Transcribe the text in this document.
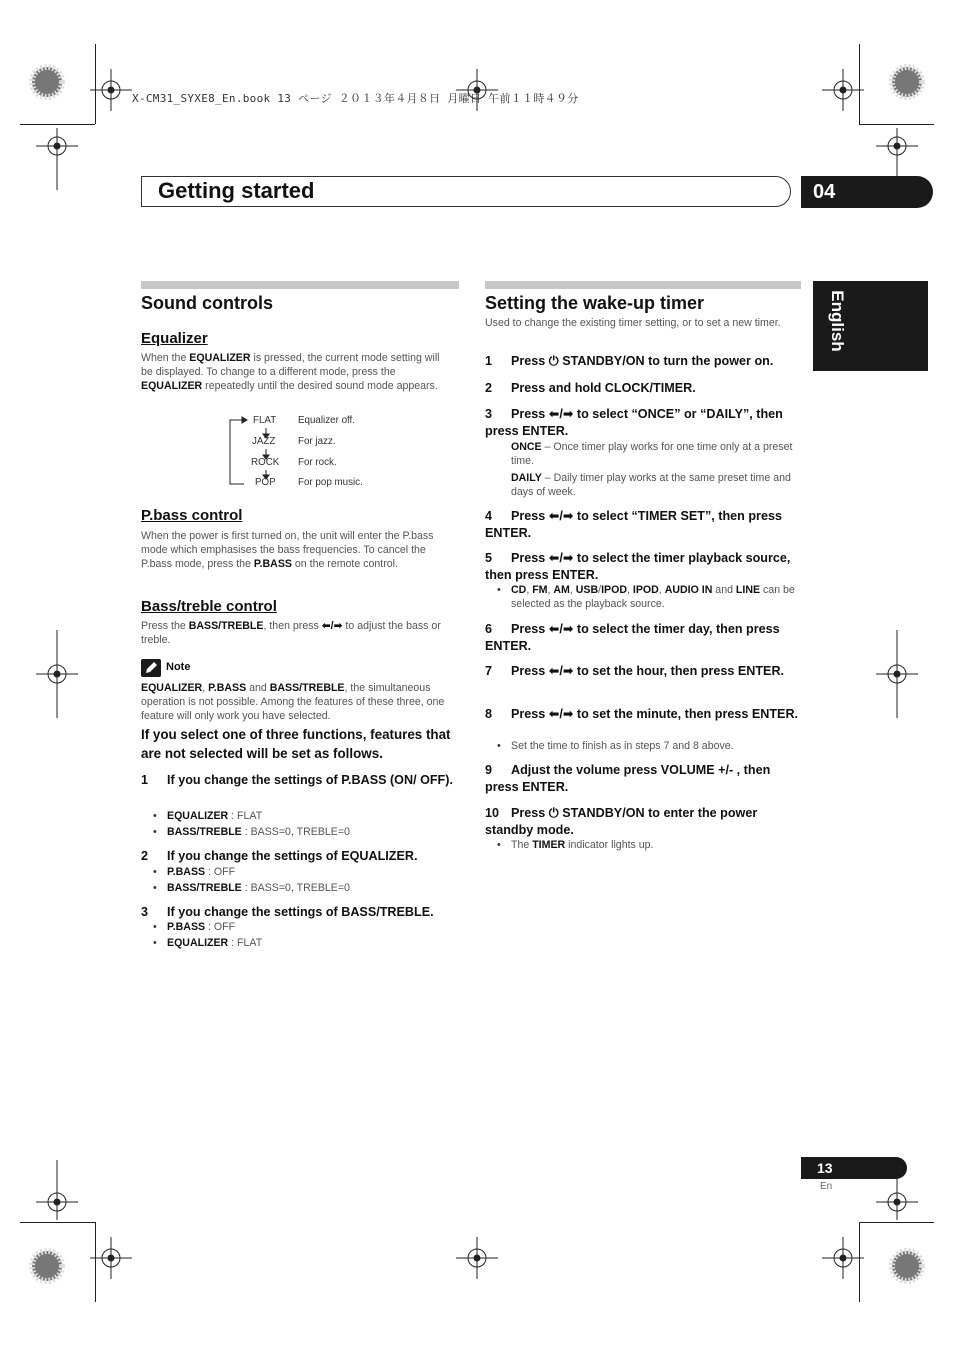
X-CM31_SYXE8_En.book 13 ページ ２０１３年４月８日 月曜日 午前１１時４９分
Getting started	04
English
Sound controls
Equalizer

When the EQUALIZER is pressed, the current mode setting will be displayed. To change to a different mode, press the EQUALIZER repeatedly until the desired sound mode appears.

FLAT Equalizer off.
JAZZ For jazz.
ROCK For rock.
POP For pop music.
P.bass control

When the power is first turned on, the unit will enter the P.bass mode which emphasises the bass frequencies. To cancel the P.bass mode, press the P.BASS on the remote control.

Bass/treble control

Press the BASS/TREBLE, then press ⬅/➡ to adjust the bass or treble.

Note

EQUALIZER, P.BASS and BASS/TREBLE, the simultaneous operation is not possible. Among the features of these three, one feature will only work you have selected.

If you select one of three functions, features that are not selected will be set as follows.

1 If you change the settings of P.BASS (ON/ OFF).

• EQUALIZER : FLAT
• BASS/TREBLE : BASS=0, TREBLE=0

2 If you change the settings of EQUALIZER.

• P.BASS : OFF
• BASS/TREBLE : BASS=0, TREBLE=0

3 If you change the settings of BASS/TREBLE.

• P.BASS : OFF
• EQUALIZER : FLAT
Setting the wake-up timer

Used to change the existing timer setting, or to set a new timer.

1 Press ⏻ STANDBY/ON to turn the power on.

2 Press and hold CLOCK/TIMER.

3 Press ⬅/➡ to select “ONCE” or “DAILY”, then press ENTER.

ONCE – Once timer play works for one time only at a preset time.

DAILY – Daily timer play works at the same preset time and days of week.

4 Press ⬅/➡ to select “TIMER SET”, then press ENTER.

5 Press ⬅/➡ to select the timer playback source, then press ENTER.

• CD, FM, AM, USB/IPOD, IPOD, AUDIO IN and LINE can be selected as the playback source.

6 Press ⬅/➡ to select the timer day, then press ENTER.

7 Press ⬅/➡ to set the hour, then press ENTER.

8 Press ⬅/➡ to set the minute, then press ENTER.

• Set the time to finish as in steps 7 and 8 above.

9 Adjust the volume press VOLUME +/- , then press ENTER.

10 Press ⏻ STANDBY/ON to enter the power standby mode.

• The TIMER indicator lights up.
13
En
